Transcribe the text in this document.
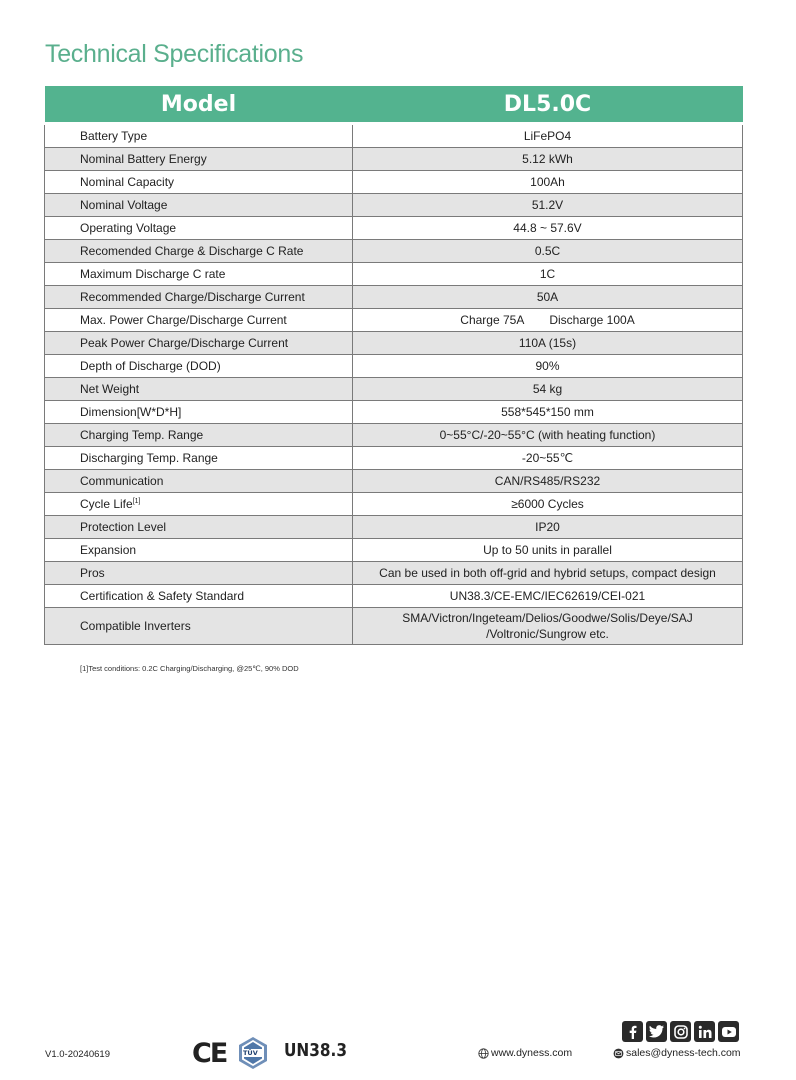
Technical Specifications
Model	DL5.0C
Battery Type	LiFePO4
Nominal Battery Energy	5.12 kWh
Nominal Capacity	100Ah
Nominal Voltage	51.2V
Operating Voltage	44.8 ~ 57.6V
Recomended Charge & Discharge C Rate	0.5C
Maximum Discharge C rate	1C
Recommended Charge/Discharge Current	50A
Max. Power Charge/Discharge Current	Charge 75A Discharge 100A
Peak Power Charge/Discharge Current	110A (15s)
Depth of Discharge (DOD)	90%
Net Weight	54 kg
Dimension[W*D*H]	558*545*150 mm
Charging Temp. Range	0~55°C/-20~55°C (with heating function)
Discharging Temp. Range	-20~55℃
Communication	CAN/RS485/RS232
Cycle Life[1]	≥6000 Cycles
Protection Level	IP20
Expansion	Up to 50 units in parallel
Pros	Can be used in both off-grid and hybrid setups, compact design
Certification & Safety Standard	UN38.3/CE-EMC/IEC62619/CEI-021
Compatible Inverters	SMA/Victron/Ingeteam/Delios/Goodwe/Solis/Deye/SAJ
/Voltronic/Sungrow etc.
[1]Test conditions: 0.2C Charging/Discharging, @25℃, 90% DOD
V1.0-20240619	CE	TÜV UN38.3	www.dyness.com	sales@dyness-tech.com
